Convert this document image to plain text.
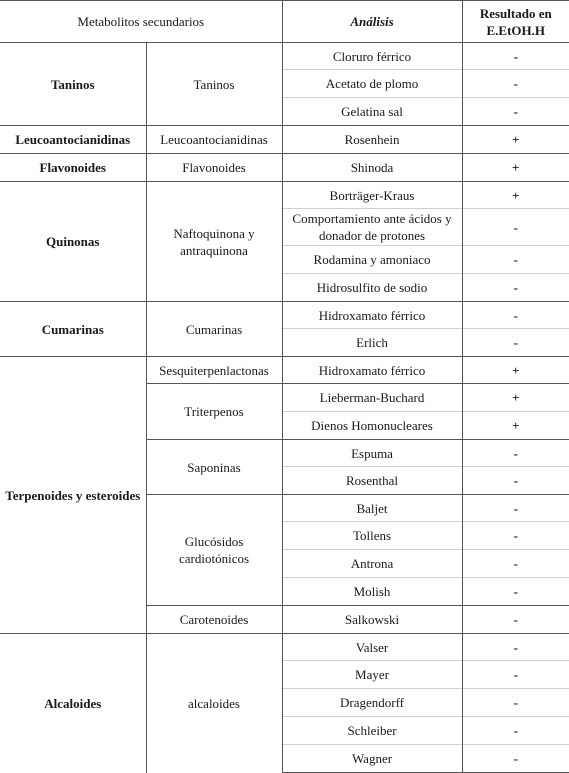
Metabolitos secundarios		Análisis	Resultado en E.EtOH.H
Taninos	Taninos	Cloruro férrico	-
		Acetato de plomo	-
		Gelatina sal	-
Leucoantocianidinas	Leucoantocianidinas	Rosenhein	+
Flavonoides	Flavonoides	Shinoda	+
Quinonas	Naftoquinona y antraquinona	Borträger-Kraus	+
		Comportamiento ante ácidos y donador de protones	-
		Rodamina y amoniaco	-
		Hidrosulfito de sodio	-
Cumarinas	Cumarinas	Hidroxamato férrico	-
		Erlich	-
Terpenoides y esteroides	Sesquiterpenlactonas	Hidroxamato férrico	+
	Triterpenos	Lieberman-Buchard	+
		Dienos Homonucleares	+
	Saponinas	Espuma	-
		Rosenthal	-
	Glucósidos cardiotónicos	Baljet	-
		Tollens	-
		Antrona	-
		Molish	-
	Carotenoides	Salkowski	-
Alcaloides	alcaloides	Valser	-
		Mayer	-
		Dragendorff	-
		Schleiber	-
		Wagner	-
